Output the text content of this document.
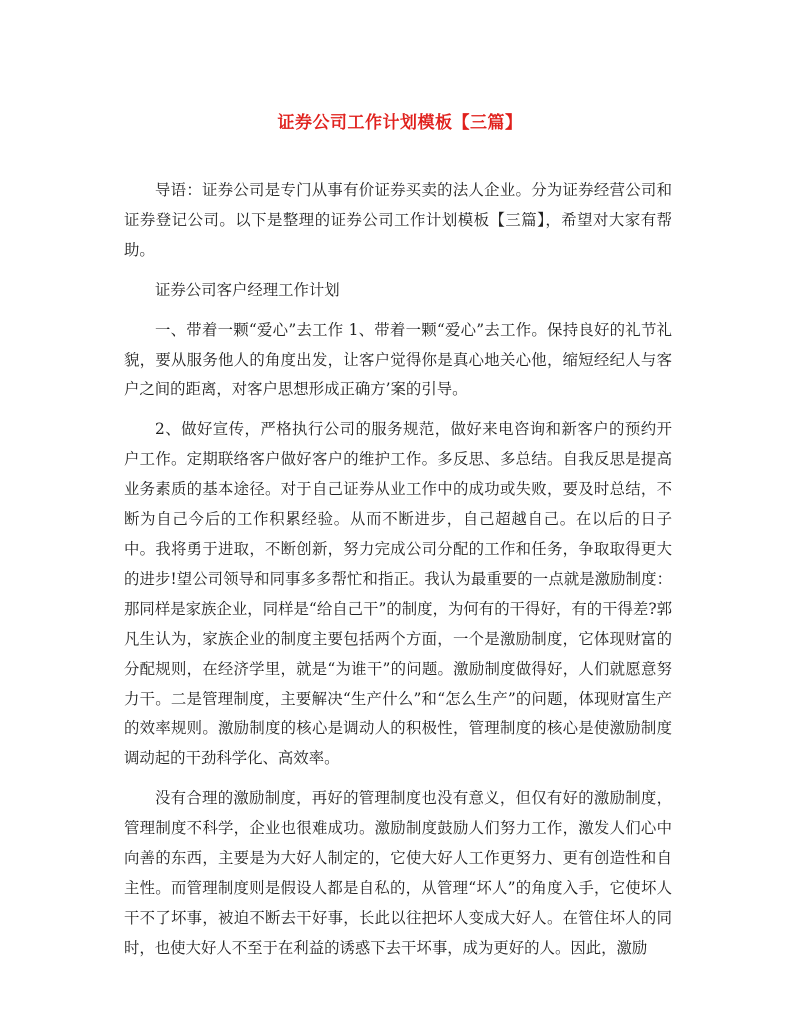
证券公司工作计划模板【三篇】

导语：证券公司是专门从事有价证券买卖的法人企业。分为证券经营公司和证券登记公司。以下是整理的证券公司工作计划模板【三篇】，希望对大家有帮助。

证券公司客户经理工作计划

一、带着一颗“爱心”去工作 1、带着一颗“爱心”去工作。保持良好的礼节礼貌，要从服务他人的角度出发，让客户觉得你是真心地关心他，缩短经纪人与客户之间的距离，对客户思想形成正确方’案的引导。

2、做好宣传，严格执行公司的服务规范，做好来电咨询和新客户的预约开户工作。定期联络客户做好客户的维护工作。多反思、多总结。自我反思是提高业务素质的基本途径。对于自己证券从业工作中的成功或失败，要及时总结，不断为自己今后的工作积累经验。从而不断进步，自己超越自己。在以后的日子中。我将勇于进取，不断创新，努力完成公司分配的工作和任务，争取取得更大的进步!望公司领导和同事多多帮忙和指正。我认为最重要的一点就是激励制度：那同样是家族企业，同样是“给自己干”的制度，为何有的干得好，有的干得差?郭凡生认为，家族企业的制度主要包括两个方面，一个是激励制度，它体现财富的分配规则，在经济学里，就是“为谁干”的问题。激励制度做得好，人们就愿意努力干。二是管理制度，主要解决“生产什么”和“怎么生产”的问题，体现财富生产的效率规则。激励制度的核心是调动人的积极性，管理制度的核心是使激励制度调动起的干劲科学化、高效率。

没有合理的激励制度，再好的管理制度也没有意义，但仅有好的激励制度，管理制度不科学，企业也很难成功。激励制度鼓励人们努力工作，激发人们心中向善的东西，主要是为大好人制定的，它使大好人工作更努力、更有创造性和自主性。而管理制度则是假设人都是自私的，从管理“坏人”的角度入手，它使坏人干不了坏事，被迫不断去干好事，长此以往把坏人变成大好人。在管住坏人的同时，也使大好人不至于在利益的诱惑下去干坏事，成为更好的人。因此，激励
